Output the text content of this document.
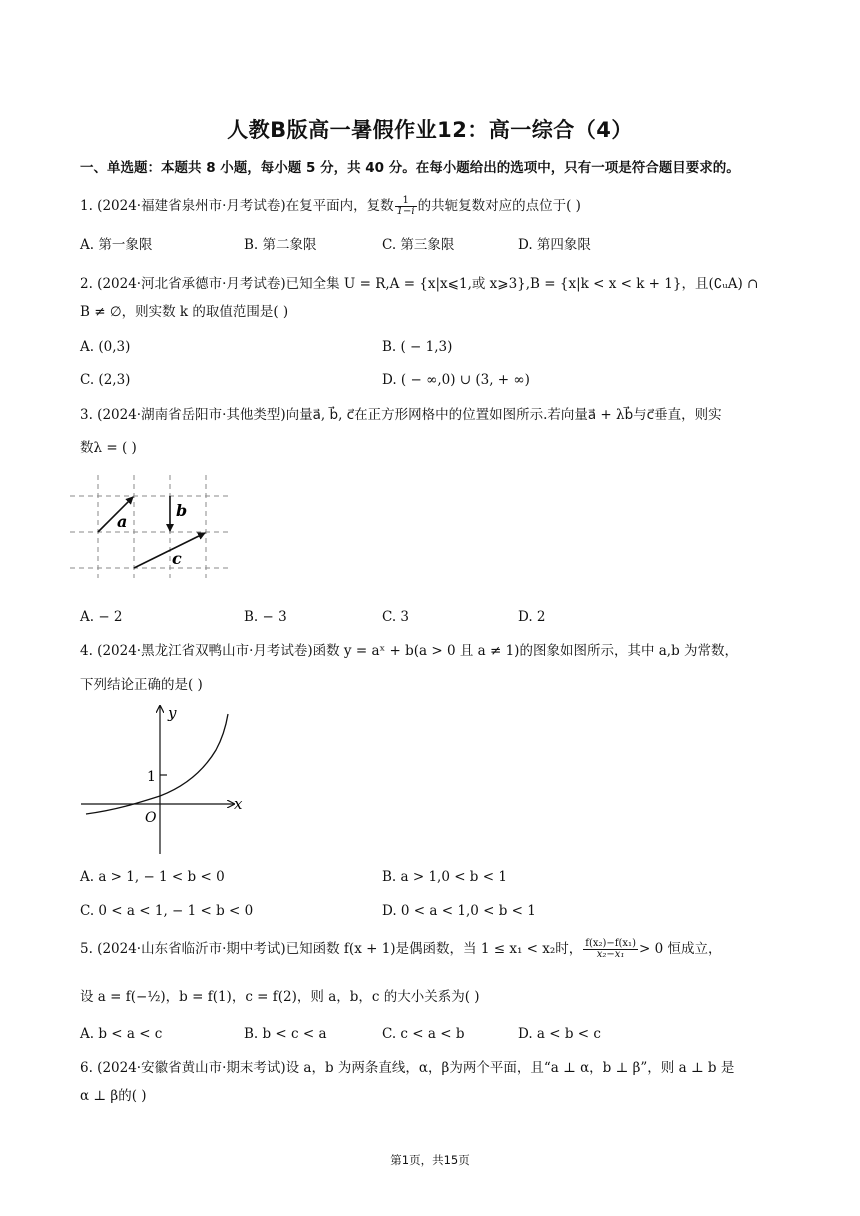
人教B版高一暑假作业12：高一综合（4）
一、单选题：本题共 8 小题，每小题 5 分，共 40 分。在每小题给出的选项中，只有一项是符合题目要求的。
1. (2024·福建省泉州市·月考试卷)在复平面内，复数 $\frac{1}{1-i}$ 的共轭复数对应的点位于( )
A. 第一象限	B. 第二象限	C. 第三象限	D. 第四象限
2. (2024·河北省承德市·月考试卷)已知全集 U = R,A = {x|x⩽1,或 x⩾3},B = {x|k < x < k + 1}，且(∁ᵤA) ∩
B ≠ ∅，则实数 k 的取值范围是( )
A. (0,3)	B. ( − 1,3)
C. (2,3)	D. ( − ∞,0) ∪ (3, + ∞)
3. (2024·湖南省岳阳市·其他类型)向量a⃗, b⃗, c⃗在正方形网格中的位置如图所示.若向量a⃗ + λb⃗与c⃗垂直，则实
数λ = ( )
a
b
c
A. − 2	B. − 3	C. 3	D. 2
4. (2024·黑龙江省双鸭山市·月考试卷)函数 y = aˣ + b(a > 0 且 a ≠ 1)的图象如图所示，其中 a,b 为常数，
下列结论正确的是( )
y
x
1
O
A. a > 1, − 1 < b < 0	B. a > 1,0 < b < 1
C. 0 < a < 1, − 1 < b < 0	D. 0 < a < 1,0 < b < 1
5. (2024·山东省临沂市·期中考试)已知函数 f(x + 1)是偶函数，当 1 ≤ x₁ < x₂时， $\frac{\text{f(x₂)−f(x₁)}}{\text{x₂−x₁}} > 0$ 恒成立，
设 a = f(−½)，b = f(1)，c = f(2)，则 a，b，c 的大小关系为( )
A. b < a < c	B. b < c < a	C. c < a < b	D. a < b < c
6. (2024·安徽省黄山市·期末考试)设 a，b 为两条直线，α，β为两个平面，且“a ⊥ α，b ⊥ β”，则 a ⊥ b 是
α ⊥ β的( )
第1页，共15页
